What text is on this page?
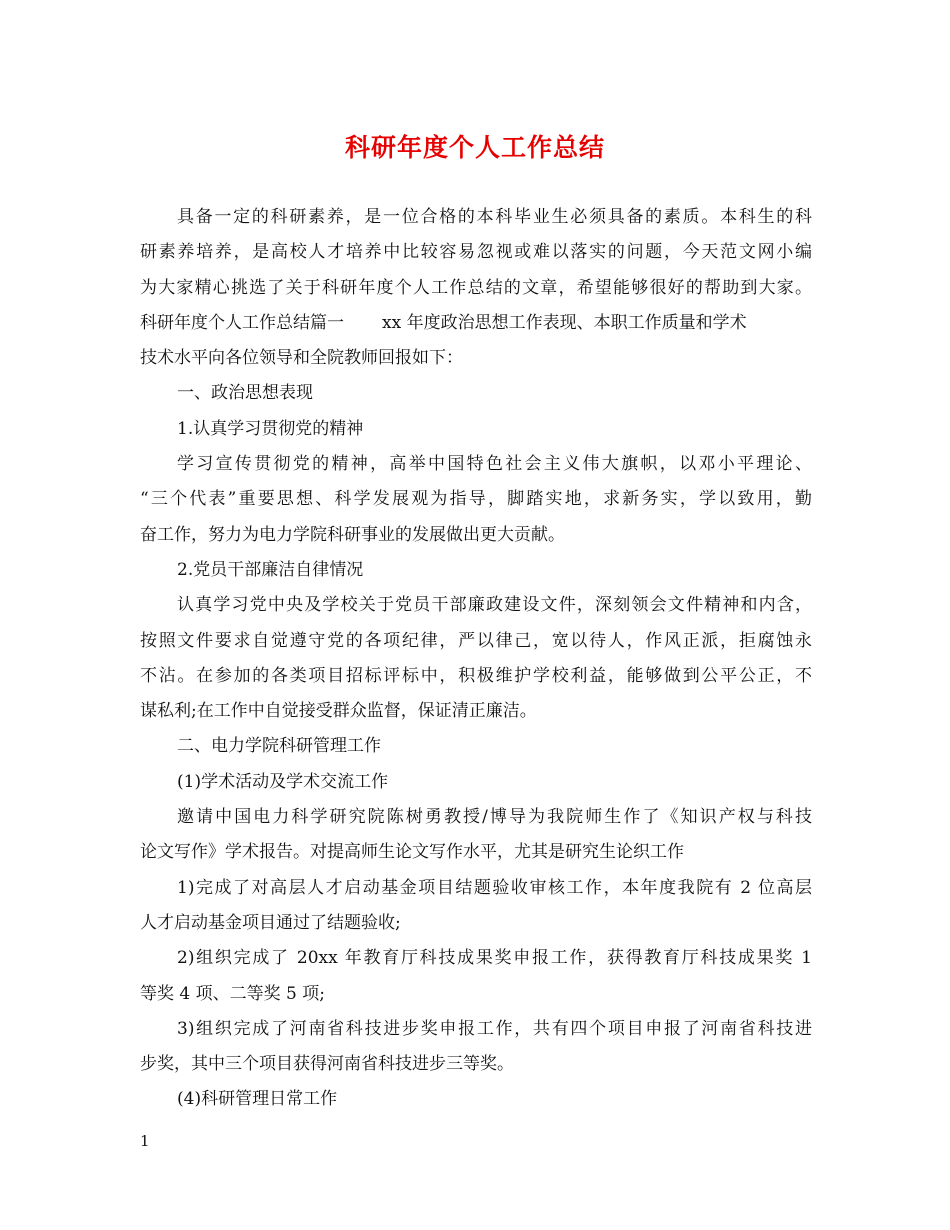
科研年度个人工作总结
具备一定的科研素养，是一位合格的本科毕业生必须具备的素质。本科生的科
研素养培养，是高校人才培养中比较容易忽视或难以落实的问题，今天范文网小编
为大家精心挑选了关于科研年度个人工作总结的文章，希望能够很好的帮助到大家。
科研年度个人工作总结篇一 xx 年度政治思想工作表现、本职工作质量和学术
技术水平向各位领导和全院教师回报如下：
一、政治思想表现
1.认真学习贯彻党的精神
学习宣传贯彻党的精神，高举中国特色社会主义伟大旗帜，以邓小平理论、
“三个代表”重要思想、科学发展观为指导，脚踏实地，求新务实，学以致用，勤
奋工作，努力为电力学院科研事业的发展做出更大贡献。
2.党员干部廉洁自律情况
认真学习党中央及学校关于党员干部廉政建设文件，深刻领会文件精神和内含，
按照文件要求自觉遵守党的各项纪律，严以律己，宽以待人，作风正派，拒腐蚀永
不沾。在参加的各类项目招标评标中，积极维护学校利益，能够做到公平公正，不
谋私利;在工作中自觉接受群众监督，保证清正廉洁。
二、电力学院科研管理工作
(1)学术活动及学术交流工作
邀请中国电力科学研究院陈树勇教授/博导为我院师生作了《知识产权与科技
论文写作》学术报告。对提高师生论文写作水平，尤其是研究生论织工作
1)完成了对高层人才启动基金项目结题验收审核工作，本年度我院有 2 位高层
人才启动基金项目通过了结题验收;
2)组织完成了 20xx 年教育厅科技成果奖申报工作，获得教育厅科技成果奖 1
等奖 4 项、二等奖 5 项;
3)组织完成了河南省科技进步奖申报工作，共有四个项目申报了河南省科技进
步奖，其中三个项目获得河南省科技进步三等奖。
(4)科研管理日常工作
1
